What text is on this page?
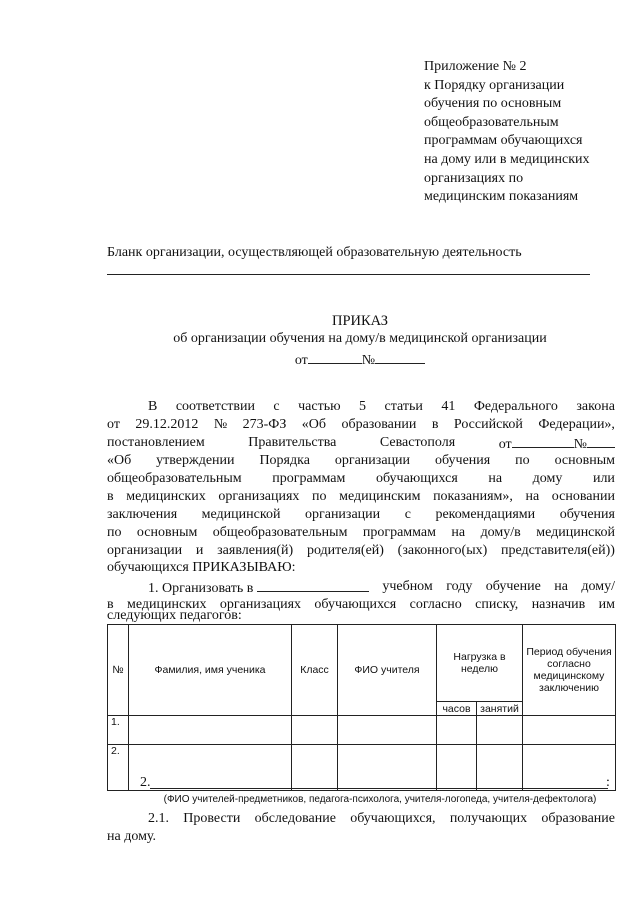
Приложение № 2
к Порядку организации
обучения по основным
общеобразовательным
программам обучающихся
на дому или в медицинских
организациях по
медицинским показаниям
Бланк организации, осуществляющей образовательную деятельность
ПРИКАЗ
об организации обучения на дому/в медицинской организации
от	№
В соответствии с частью 5 статьи 41 Федерального закона
от 29.12.2012 № 273-ФЗ «Об образовании в Российской Федерации»,
постановлением	Правительства	Севастополя	от	№
«Об утверждении Порядка организации обучения по основным
общеобразовательным программам обучающихся на дому или
в медицинских организациях по медицинским показаниям», на основании
заключения медицинской организации с рекомендациями обучения
по основным общеобразовательным программам на дому/в медицинской
организации и заявления(й) родителя(ей) (законного(ых) представителя(ей))
обучающихся ПРИКАЗЫВАЮ:
1. Организовать в	учебном году обучение на дому/
в медицинских организациях обучающихся согласно списку, назначив им
следующих педагогов:
№	Фамилия, имя ученика	Класс	ФИО учителя	Нагрузка в неделю		Период обучения согласно медицинскому заключению
				часов	занятий	
1.						
2.						
2.	:
(ФИО учителей-предметников, педагога-психолога, учителя-логопеда, учителя-дефектолога)
2.1. Провести обследование обучающихся, получающих образование
на дому.
